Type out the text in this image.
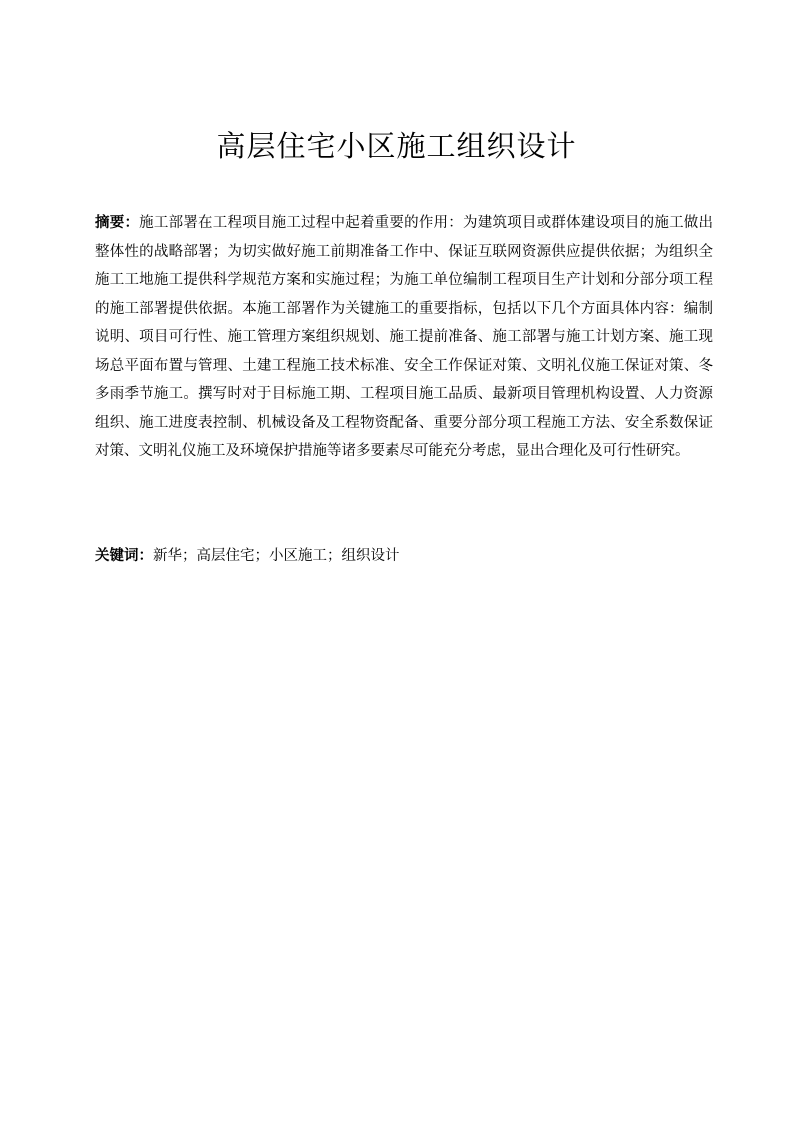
高层住宅小区施工组织设计

摘要：施工部署在工程项目施工过程中起着重要的作用：为建筑项目或群体建设项目的施工做出整体性的战略部署；为切实做好施工前期准备工作中、保证互联网资源供应提供依据；为组织全施工工地施工提供科学规范方案和实施过程；为施工单位编制工程项目生产计划和分部分项工程的施工部署提供依据。本施工部署作为关键施工的重要指标，包括以下几个方面具体内容：编制说明、项目可行性、施工管理方案组织规划、施工提前准备、施工部署与施工计划方案、施工现场总平面布置与管理、土建工程施工技术标准、安全工作保证对策、文明礼仪施工保证对策、冬多雨季节施工。撰写时对于目标施工期、工程项目施工品质、最新项目管理机构设置、人力资源组织、施工进度表控制、机械设备及工程物资配备、重要分部分项工程施工方法、安全系数保证对策、文明礼仪施工及环境保护措施等诸多要素尽可能充分考虑，显出合理化及可行性研究。

关键词：新华；高层住宅；小区施工；组织设计
